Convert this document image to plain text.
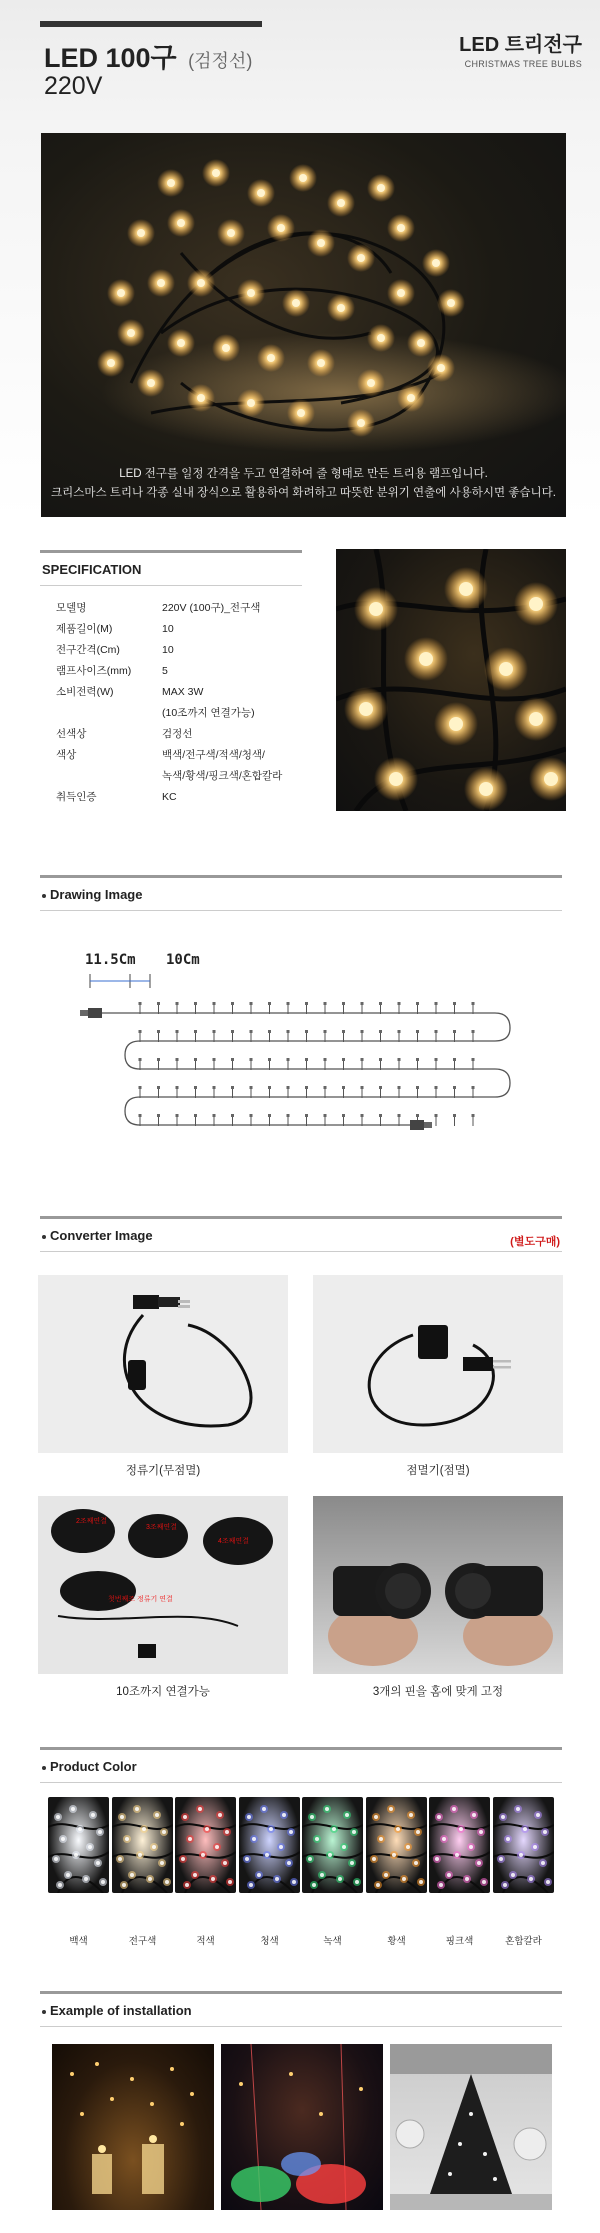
LED 100구 (검정선)
220V
LED 트리전구
CHRISTMAS TREE BULBS
LED 전구를 일정 간격을 두고 연결하여 줄 형태로 만든 트리용 램프입니다.
크리스마스 트리나 각종 실내 장식으로 활용하여 화려하고 따뜻한 분위기 연출에 사용하시면 좋습니다.
SPECIFICATION
모델명	220V (100구)_전구색
제품길이(M)	10
전구간격(Cm)	10
램프사이즈(mm)	5
소비전력(W)	MAX 3W
(10조까지 연결가능)
선색상	검정선
색상	백색/전구색/적색/청색/
녹색/황색/핑크색/혼합칼라
취득인증	KC
Drawing Image
11.5Cm 10Cm
Converter Image	(별도구매)
정류기(무점멸)	점멸기(점멸)
2조째연결
3조째연결
4조째연결
첫번째조 정류기 연결
10조까지 연결가능	3개의 핀을 홈에 맞게 고정
Product Color
백색	전구색	적색	청색	녹색	황색	핑크색	혼합칼라
Example of installation
